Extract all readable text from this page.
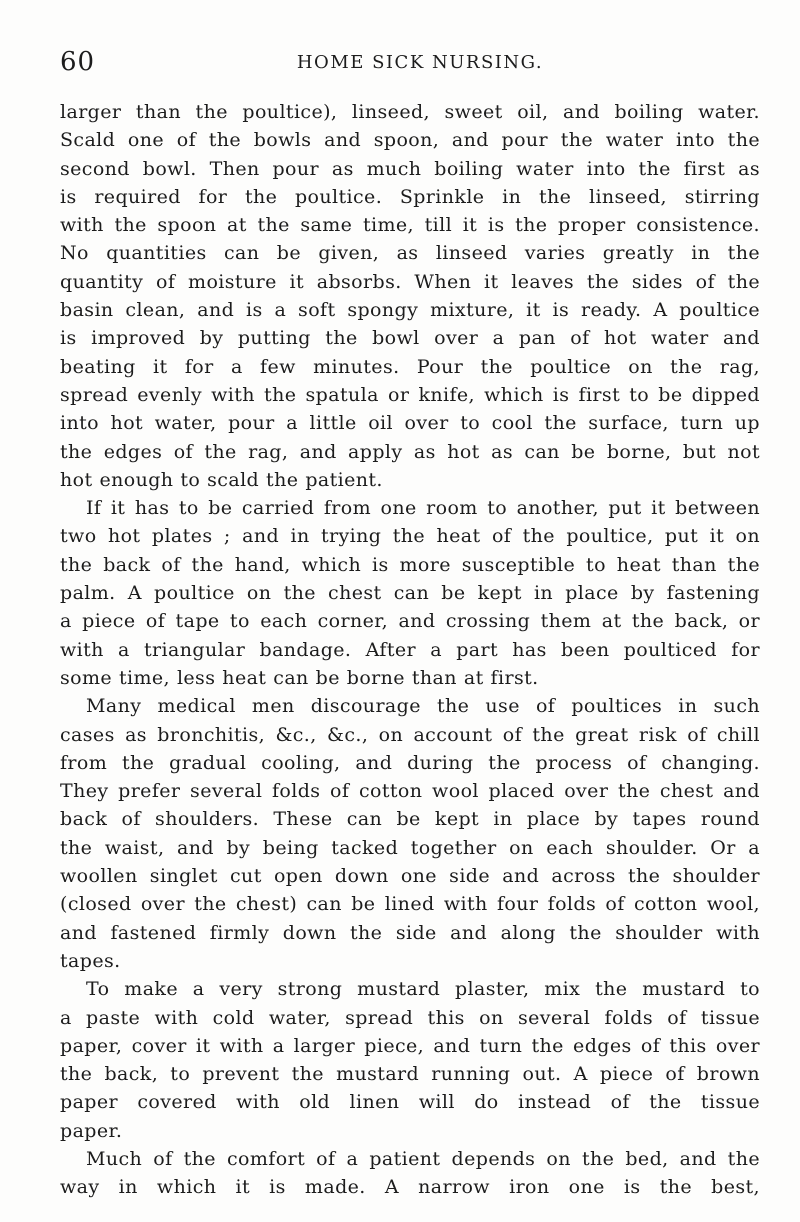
60	HOME SICK NURSING.
larger than the poultice), linseed, sweet oil, and boiling water.
Scald one of the bowls and spoon, and pour the water into the
second bowl. Then pour as much boiling water into the first as
is required for the poultice. Sprinkle in the linseed, stirring
with the spoon at the same time, till it is the proper consistence.
No quantities can be given, as linseed varies greatly in the
quantity of moisture it absorbs. When it leaves the sides of the
basin clean, and is a soft spongy mixture, it is ready. A poultice
is improved by putting the bowl over a pan of hot water and
beating it for a few minutes. Pour the poultice on the rag,
spread evenly with the spatula or knife, which is first to be dipped
into hot water, pour a little oil over to cool the surface, turn up
the edges of the rag, and apply as hot as can be borne, but not
hot enough to scald the patient.
If it has to be carried from one room to another, put it between
two hot plates ; and in trying the heat of the poultice, put it on
the back of the hand, which is more susceptible to heat than the
palm. A poultice on the chest can be kept in place by fastening
a piece of tape to each corner, and crossing them at the back, or
with a triangular bandage. After a part has been poulticed for
some time, less heat can be borne than at first.
Many medical men discourage the use of poultices in such
cases as bronchitis, &c., &c., on account of the great risk of chill
from the gradual cooling, and during the process of changing.
They prefer several folds of cotton wool placed over the chest and
back of shoulders. These can be kept in place by tapes round
the waist, and by being tacked together on each shoulder. Or a
woollen singlet cut open down one side and across the shoulder
(closed over the chest) can be lined with four folds of cotton wool,
and fastened firmly down the side and along the shoulder with
tapes.
To make a very strong mustard plaster, mix the mustard to
a paste with cold water, spread this on several folds of tissue
paper, cover it with a larger piece, and turn the edges of this over
the back, to prevent the mustard running out. A piece of brown
paper covered with old linen will do instead of the tissue
paper.
Much of the comfort of a patient depends on the bed, and the
way in which it is made. A narrow iron one is the best,
